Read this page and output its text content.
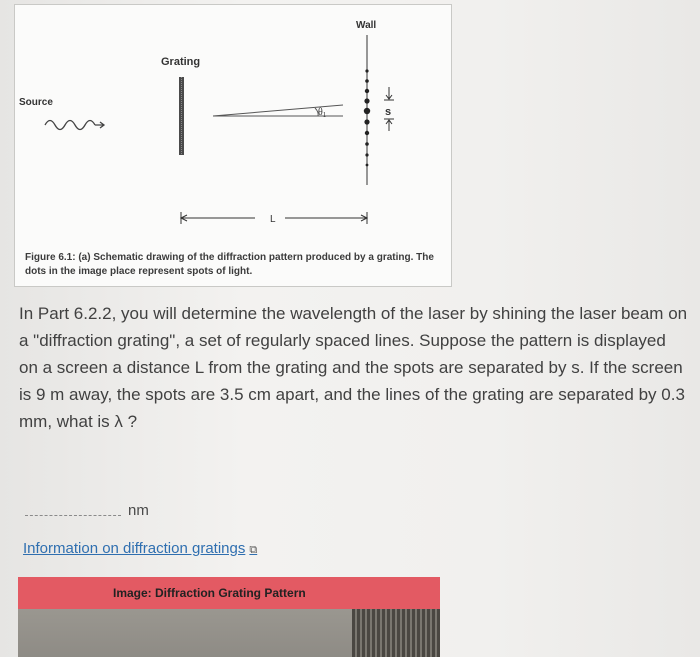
Wall
Grating
Source
$\theta_1$	s
L
Figure 6.1: (a) Schematic drawing of the diffraction pattern produced by a grating. The dots in the image place represent spots of light.
In Part 6.2.2, you will determine the wavelength of the laser by shining the laser beam on a "diffraction grating", a set of regularly spaced lines. Suppose the pattern is displayed on a screen a distance L from the grating and the spots are separated by s. If the screen is 9 m away, the spots are 3.5 cm apart, and the lines of the grating are separated by 0.3 mm, what is λ ?
nm
Information on diffraction gratings ⧉
Image: Diffraction Grating Pattern
